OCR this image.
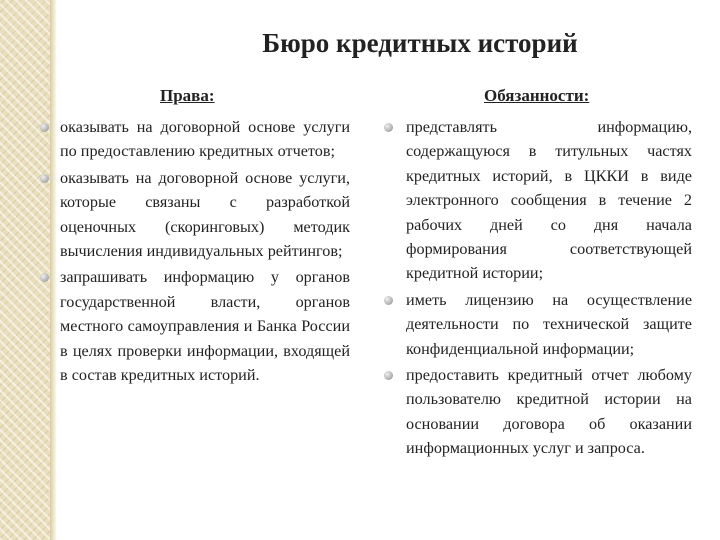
Бюро кредитных историй
Права:	Обязанности:
оказывать на договорной основе услуги по предоставлению кредитных отчетов;
оказывать на договорной основе услуги, которые связаны с разработкой оценочных (скоринговых) методик вычисления индивидуальных рейтингов;
запрашивать информацию у органов государственной власти, органов местного самоуправления и Банка России в целях проверки информации, входящей в состав кредитных историй.
представлять информацию, содержащуюся в титульных частях кредитных историй, в ЦККИ в виде электронного сообщения в течение 2 рабочих дней со дня начала формирования соответствующей кредитной истории;
иметь лицензию на осуществление деятельности по технической защите конфиденциальной информации;
предоставить кредитный отчет любому пользователю кредитной истории на основании договора об оказании информационных услуг и запроса.
